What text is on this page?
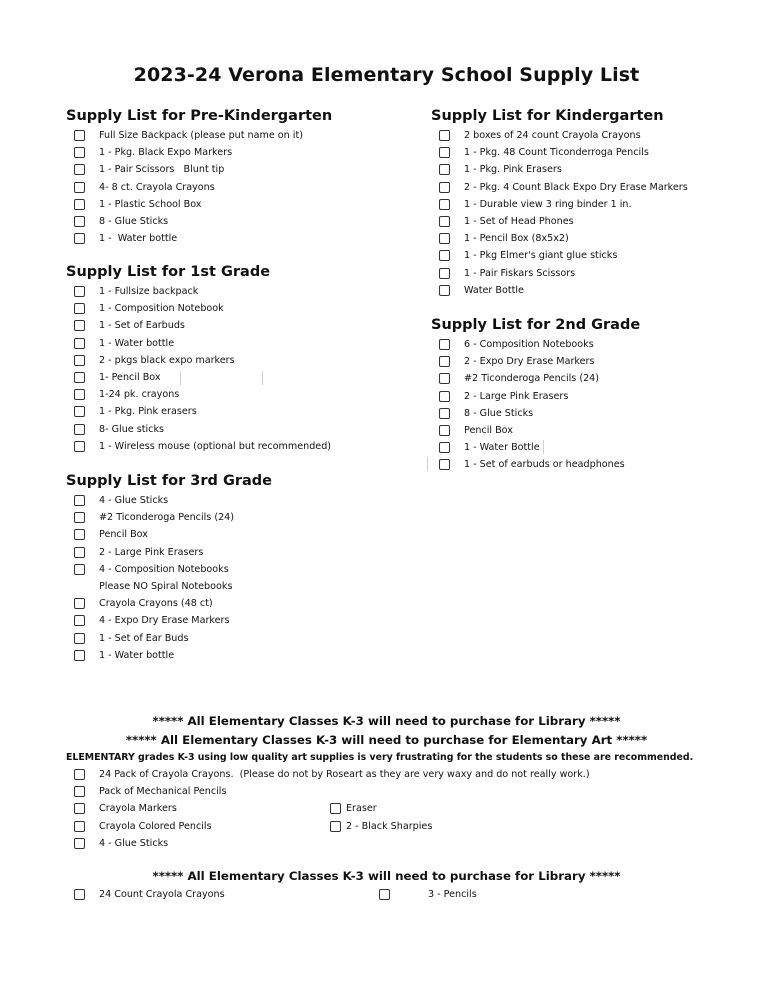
2023-24 Verona Elementary School Supply List
Supply List for Pre-Kindergarten
Full Size Backpack (please put name on it)
1 - Pkg. Black Expo Markers
1 - Pair Scissors   Blunt tip
4- 8 ct. Crayola Crayons
1 - Plastic School Box
8 - Glue Sticks
1 -  Water bottle
Supply List for Kindergarten
2 boxes of 24 count Crayola Crayons
1 - Pkg. 48 Count Ticonderroga Pencils
1 - Pkg. Pink Erasers
2 - Pkg. 4 Count Black Expo Dry Erase Markers
1 - Durable view 3 ring binder 1 in.
1 - Set of Head Phones
1 - Pencil Box (8x5x2)
1 - Pkg Elmer's giant glue sticks
1 - Pair Fiskars Scissors
Water Bottle
Supply List for 1st Grade
1 - Fullsize backpack
1 - Composition Notebook
1 - Set of Earbuds
1 - Water bottle
2 - pkgs black expo markers
1- Pencil Box
1-24 pk. crayons
1 - Pkg. Pink erasers
8- Glue sticks
1 - Wireless mouse (optional but recommended)
Supply List for 2nd Grade
6 - Composition Notebooks
2 - Expo Dry Erase Markers
#2 Ticonderoga Pencils (24)
2 - Large Pink Erasers
8 - Glue Sticks
Pencil Box
1 - Water Bottle
1 - Set of earbuds or headphones
Supply List for 3rd Grade
4 - Glue Sticks
#2 Ticonderoga Pencils (24)
Pencil Box
2 - Large Pink Erasers
4 - Composition Notebooks
Please NO Spiral Notebooks
Crayola Crayons (48 ct)
4 - Expo Dry Erase Markers
1 - Set of Ear Buds
1 - Water bottle
***** All Elementary Classes K-3 will need to purchase for Library *****
***** All Elementary Classes K-3 will need to purchase for Elementary Art *****
ELEMENTARY grades K-3 using low quality art supplies is very frustrating for the students so these are recommended.
24 Pack of Crayola Crayons.  (Please do not by Roseart as they are very waxy and do not really work.)
Pack of Mechanical Pencils
Crayola Markers
Crayola Colored Pencils
4 - Glue Sticks
Eraser
2 - Black Sharpies
***** All Elementary Classes K-3 will need to purchase for Library *****
24 Count Crayola Crayons	3 - Pencils
